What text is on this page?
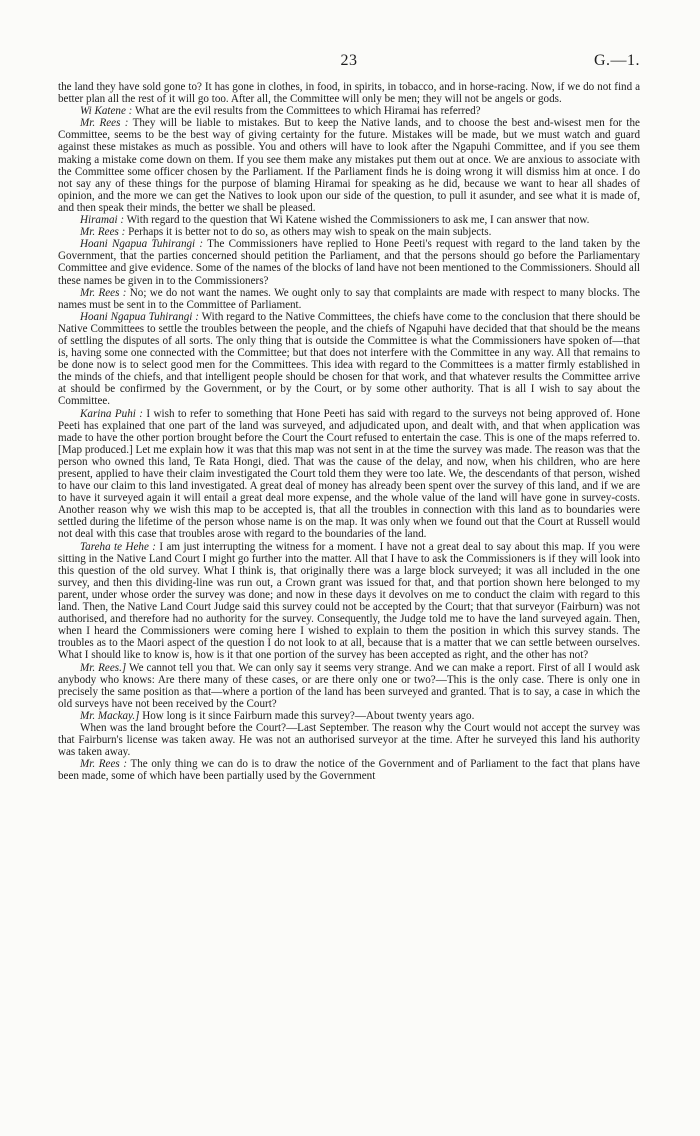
23	G.—1.

the land they have sold gone to? It has gone in clothes, in food, in spirits, in tobacco, and in horse-racing. Now, if we do not find a better plan all the rest of it will go too. After all, the Committee will only be men; they will not be angels or gods.

Wi Katene : What are the evil results from the Committees to which Hiramai has referred?

Mr. Rees : They will be liable to mistakes. But to keep the Native lands, and to choose the best and-wisest men for the Committee, seems to be the best way of giving certainty for the future. Mistakes will be made, but we must watch and guard against these mistakes as much as possible. You and others will have to look after the Ngapuhi Committee, and if you see them making a mistake come down on them. If you see them make any mistakes put them out at once. We are anxious to associate with the Committee some officer chosen by the Parliament. If the Parliament finds he is doing wrong it will dismiss him at once. I do not say any of these things for the purpose of blaming Hiramai for speaking as he did, because we want to hear all shades of opinion, and the more we can get the Natives to look upon our side of the question, to pull it asunder, and see what it is made of, and then speak their minds, the better we shall be pleased.

Hiramai : With regard to the question that Wi Katene wished the Commissioners to ask me, I can answer that now.

Mr. Rees : Perhaps it is better not to do so, as others may wish to speak on the main subjects.

Hoani Ngapua Tuhirangi : The Commissioners have replied to Hone Peeti's request with regard to the land taken by the Government, that the parties concerned should petition the Parliament, and that the persons should go before the Parliamentary Committee and give evidence. Some of the names of the blocks of land have not been mentioned to the Commissioners. Should all these names be given in to the Commissioners?

Mr. Rees : No; we do not want the names. We ought only to say that complaints are made with respect to many blocks. The names must be sent in to the Committee of Parliament.

Hoani Ngapua Tuhirangi : With regard to the Native Committees, the chiefs have come to the conclusion that there should be Native Committees to settle the troubles between the people, and the chiefs of Ngapuhi have decided that that should be the means of settling the disputes of all sorts. The only thing that is outside the Committee is what the Commissioners have spoken of—that is, having some one connected with the Committee; but that does not interfere with the Committee in any way. All that remains to be done now is to select good men for the Committees. This idea with regard to the Committees is a matter firmly established in the minds of the chiefs, and that intelligent people should be chosen for that work, and that whatever results the Committee arrive at should be confirmed by the Government, or by the Court, or by some other authority. That is all I wish to say about the Committee.

Karina Puhi : I wish to refer to something that Hone Peeti has said with regard to the surveys not being approved of. Hone Peeti has explained that one part of the land was surveyed, and adjudicated upon, and dealt with, and that when application was made to have the other portion brought before the Court the Court refused to entertain the case. This is one of the maps referred to. [Map produced.] Let me explain how it was that this map was not sent in at the time the survey was made. The reason was that the person who owned this land, Te Rata Hongi, died. That was the cause of the delay, and now, when his children, who are here present, applied to have their claim investigated the Court told them they were too late. We, the descendants of that person, wished to have our claim to this land investigated. A great deal of money has already been spent over the survey of this land, and if we are to have it surveyed again it will entail a great deal more expense, and the whole value of the land will have gone in survey-costs. Another reason why we wish this map to be accepted is, that all the troubles in connection with this land as to boundaries were settled during the lifetime of the person whose name is on the map. It was only when we found out that the Court at Russell would not deal with this case that troubles arose with regard to the boundaries of the land.

Tareha te Hehe : I am just interrupting the witness for a moment. I have not a great deal to say about this map. If you were sitting in the Native Land Court I might go further into the matter. All that I have to ask the Commissioners is if they will look into this question of the old survey. What I think is, that originally there was a large block surveyed; it was all included in the one survey, and then this dividing-line was run out, a Crown grant was issued for that, and that portion shown here belonged to my parent, under whose order the survey was done; and now in these days it devolves on me to conduct the claim with regard to this land. Then, the Native Land Court Judge said this survey could not be accepted by the Court; that that surveyor (Fairburn) was not authorised, and therefore had no authority for the survey. Consequently, the Judge told me to have the land surveyed again. Then, when I heard the Commissioners were coming here I wished to explain to them the position in which this survey stands. The troubles as to the Maori aspect of the question I do not look to at all, because that is a matter that we can settle between ourselves. What I should like to know is, how is it that one portion of the survey has been accepted as right, and the other has not?

Mr. Rees.] We cannot tell you that. We can only say it seems very strange. And we can make a report. First of all I would ask anybody who knows: Are there many of these cases, or are there only one or two?—This is the only case. There is only one in precisely the same position as that—where a portion of the land has been surveyed and granted. That is to say, a case in which the old surveys have not been received by the Court?

Mr. Mackay.] How long is it since Fairburn made this survey?—About twenty years ago.

When was the land brought before the Court?—Last September. The reason why the Court would not accept the survey was that Fairburn's license was taken away. He was not an authorised surveyor at the time. After he surveyed this land his authority was taken away.

Mr. Rees : The only thing we can do is to draw the notice of the Government and of Parliament to the fact that plans have been made, some of which have been partially used by the Government
